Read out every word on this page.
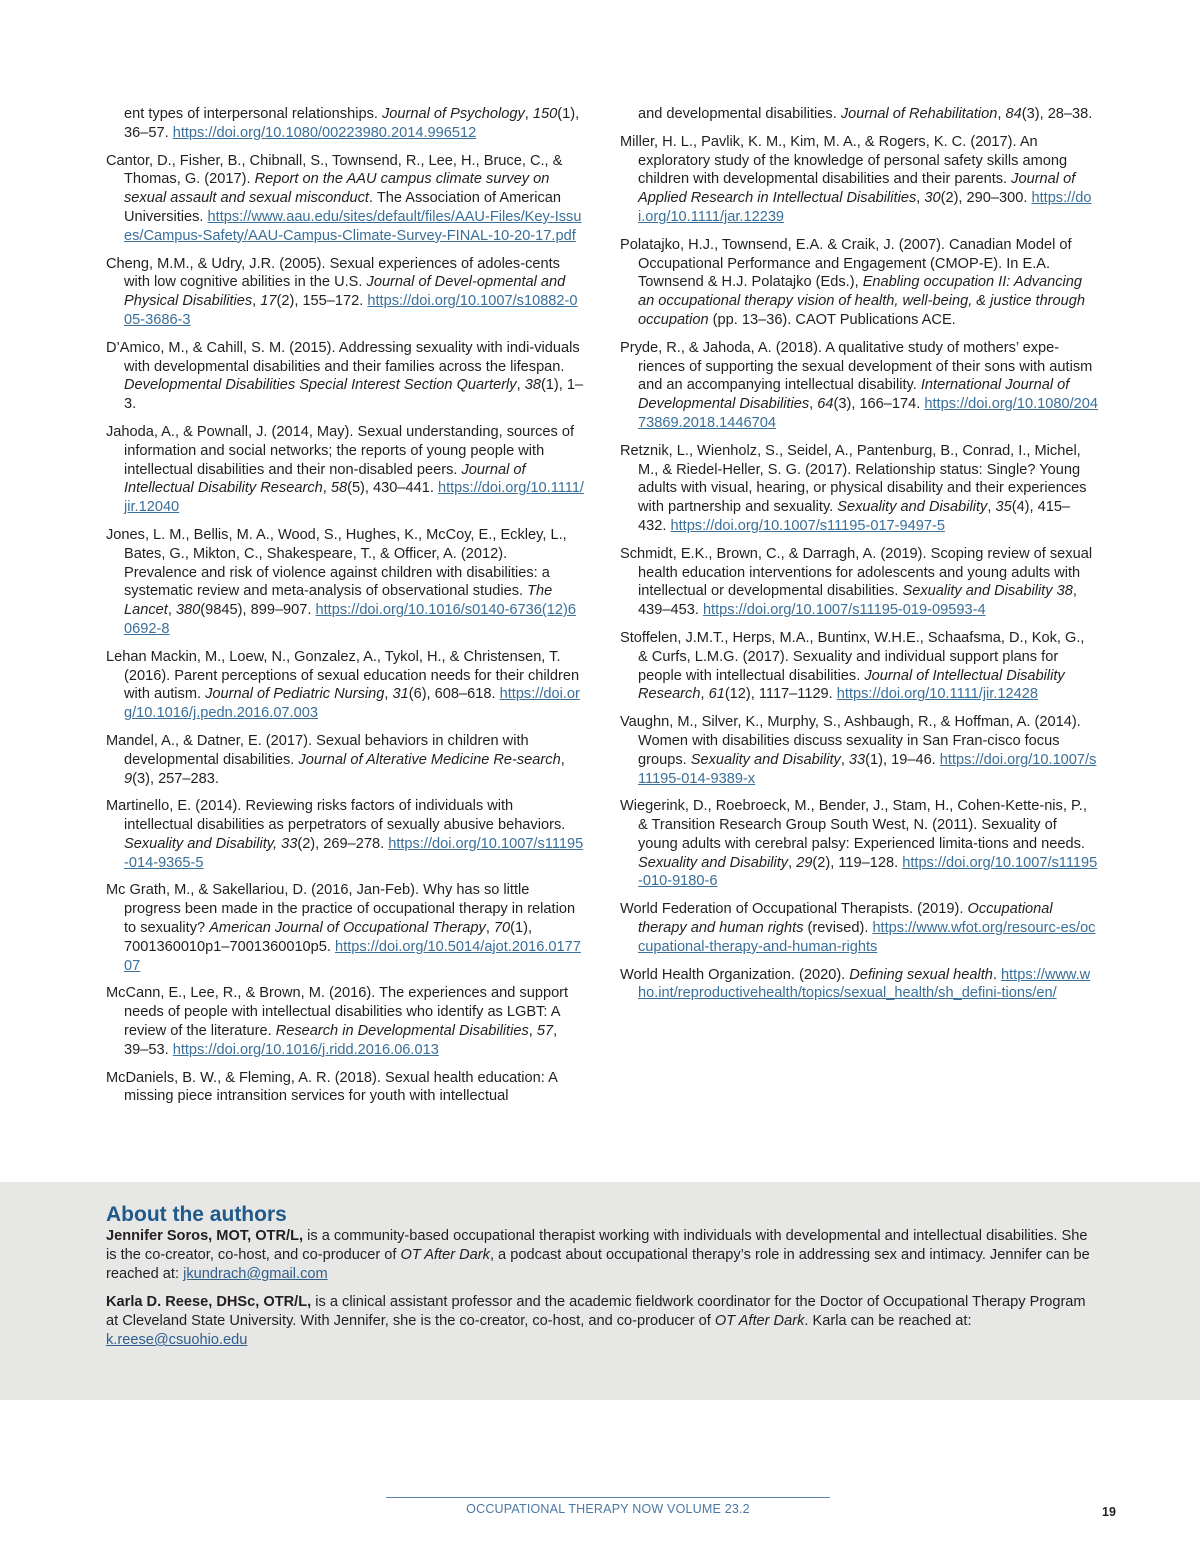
ent types of interpersonal relationships. Journal of Psychology, 150(1), 36–57. https://doi.org/10.1080/00223980.2014.996512

Cantor, D., Fisher, B., Chibnall, S., Townsend, R., Lee, H., Bruce, C., & Thomas, G. (2017). Report on the AAU campus climate survey on sexual assault and sexual misconduct. The Association of American Universities. https://www.aau.edu/sites/default/files/AAU-Files/Key-Issues/Campus-Safety/AAU-Campus-Climate-Survey-FINAL-10-20-17.pdf

Cheng, M.M., & Udry, J.R. (2005). Sexual experiences of adoles-cents with low cognitive abilities in the U.S. Journal of Devel-opmental and Physical Disabilities, 17(2), 155–172. https://doi.org/10.1007/s10882-005-3686-3

D’Amico, M., & Cahill, S. M. (2015). Addressing sexuality with indi-viduals with developmental disabilities and their families across the lifespan. Developmental Disabilities Special Interest Section Quarterly, 38(1), 1–3.

Jahoda, A., & Pownall, J. (2014, May). Sexual understanding, sources of information and social networks; the reports of young people with intellectual disabilities and their non-disabled peers. Journal of Intellectual Disability Research, 58(5), 430–441. https://doi.org/10.1111/jir.12040

Jones, L. M., Bellis, M. A., Wood, S., Hughes, K., McCoy, E., Eckley, L., Bates, G., Mikton, C., Shakespeare, T., & Officer, A. (2012). Prevalence and risk of violence against children with disabilities: a systematic review and meta-analysis of observational studies. The Lancet, 380(9845), 899–907. https://doi.org/10.1016/s0140-6736(12)60692-8

Lehan Mackin, M., Loew, N., Gonzalez, A., Tykol, H., & Christensen, T. (2016). Parent perceptions of sexual education needs for their children with autism. Journal of Pediatric Nursing, 31(6), 608–618. https://doi.org/10.1016/j.pedn.2016.07.003

Mandel, A., & Datner, E. (2017). Sexual behaviors in children with developmental disabilities. Journal of Alterative Medicine Re-search, 9(3), 257–283.

Martinello, E. (2014). Reviewing risks factors of individuals with intellectual disabilities as perpetrators of sexually abusive behaviors. Sexuality and Disability, 33(2), 269–278. https://doi.org/10.1007/s11195-014-9365-5

Mc Grath, M., & Sakellariou, D. (2016, Jan-Feb). Why has so little progress been made in the practice of occupational therapy in relation to sexuality? American Journal of Occupational Therapy, 70(1), 7001360010p1–7001360010p5. https://doi.org/10.5014/ajot.2016.017707

McCann, E., Lee, R., & Brown, M. (2016). The experiences and support needs of people with intellectual disabilities who identify as LGBT: A review of the literature. Research in Developmental Disabilities, 57, 39–53. https://doi.org/10.1016/j.ridd.2016.06.013

McDaniels, B. W., & Fleming, A. R. (2018). Sexual health education: A missing piece intransition services for youth with intellectual

and developmental disabilities. Journal of Rehabilitation, 84(3), 28–38.

Miller, H. L., Pavlik, K. M., Kim, M. A., & Rogers, K. C. (2017). An exploratory study of the knowledge of personal safety skills among children with developmental disabilities and their parents. Journal of Applied Research in Intellectual Disabilities, 30(2), 290–300. https://doi.org/10.1111/jar.12239

Polatajko, H.J., Townsend, E.A. & Craik, J. (2007). Canadian Model of Occupational Performance and Engagement (CMOP-E). In E.A. Townsend & H.J. Polatajko (Eds.), Enabling occupation II: Advancing an occupational therapy vision of health, well-being, & justice through occupation (pp. 13–36). CAOT Publications ACE.

Pryde, R., & Jahoda, A. (2018). A qualitative study of mothers’ expe-riences of supporting the sexual development of their sons with autism and an accompanying intellectual disability. International Journal of Developmental Disabilities, 64(3), 166–174. https://doi.org/10.1080/20473869.2018.1446704

Retznik, L., Wienholz, S., Seidel, A., Pantenburg, B., Conrad, I., Michel, M., & Riedel-Heller, S. G. (2017). Relationship status: Single? Young adults with visual, hearing, or physical disability and their experiences with partnership and sexuality. Sexuality and Disability, 35(4), 415–432. https://doi.org/10.1007/s11195-017-9497-5

Schmidt, E.K., Brown, C., & Darragh, A. (2019). Scoping review of sexual health education interventions for adolescents and young adults with intellectual or developmental disabilities. Sexuality and Disability 38, 439–453. https://doi.org/10.1007/s11195-019-09593-4

Stoffelen, J.M.T., Herps, M.A., Buntinx, W.H.E., Schaafsma, D., Kok, G., & Curfs, L.M.G. (2017). Sexuality and individual support plans for people with intellectual disabilities. Journal of Intellectual Disability Research, 61(12), 1117–1129. https://doi.org/10.1111/jir.12428

Vaughn, M., Silver, K., Murphy, S., Ashbaugh, R., & Hoffman, A. (2014). Women with disabilities discuss sexuality in San Fran-cisco focus groups. Sexuality and Disability, 33(1), 19–46. https://doi.org/10.1007/s11195-014-9389-x

Wiegerink, D., Roebroeck, M., Bender, J., Stam, H., Cohen-Kette-nis, P., & Transition Research Group South West, N. (2011). Sexuality of young adults with cerebral palsy: Experienced limita-tions and needs. Sexuality and Disability, 29(2), 119–128. https://doi.org/10.1007/s11195-010-9180-6

World Federation of Occupational Therapists. (2019). Occupational therapy and human rights (revised). https://www.wfot.org/resourc-es/occupational-therapy-and-human-rights

World Health Organization. (2020). Defining sexual health. https://www.who.int/reproductivehealth/topics/sexual_health/sh_defini-tions/en/

About the authors

Jennifer Soros, MOT, OTR/L, is a community-based occupational therapist working with individuals with developmental and intellectual disabilities. She is the co-creator, co-host, and co-producer of OT After Dark, a podcast about occupational therapy’s role in addressing sex and intimacy. Jennifer can be reached at: jkundrach@gmail.com

Karla D. Reese, DHSc, OTR/L, is a clinical assistant professor and the academic fieldwork coordinator for the Doctor of Occupational Therapy Program at Cleveland State University. With Jennifer, she is the co-creator, co-host, and co-producer of OT After Dark. Karla can be reached at: k.reese@csuohio.edu

OCCUPATIONAL THERAPY NOW VOLUME 23.2	19
